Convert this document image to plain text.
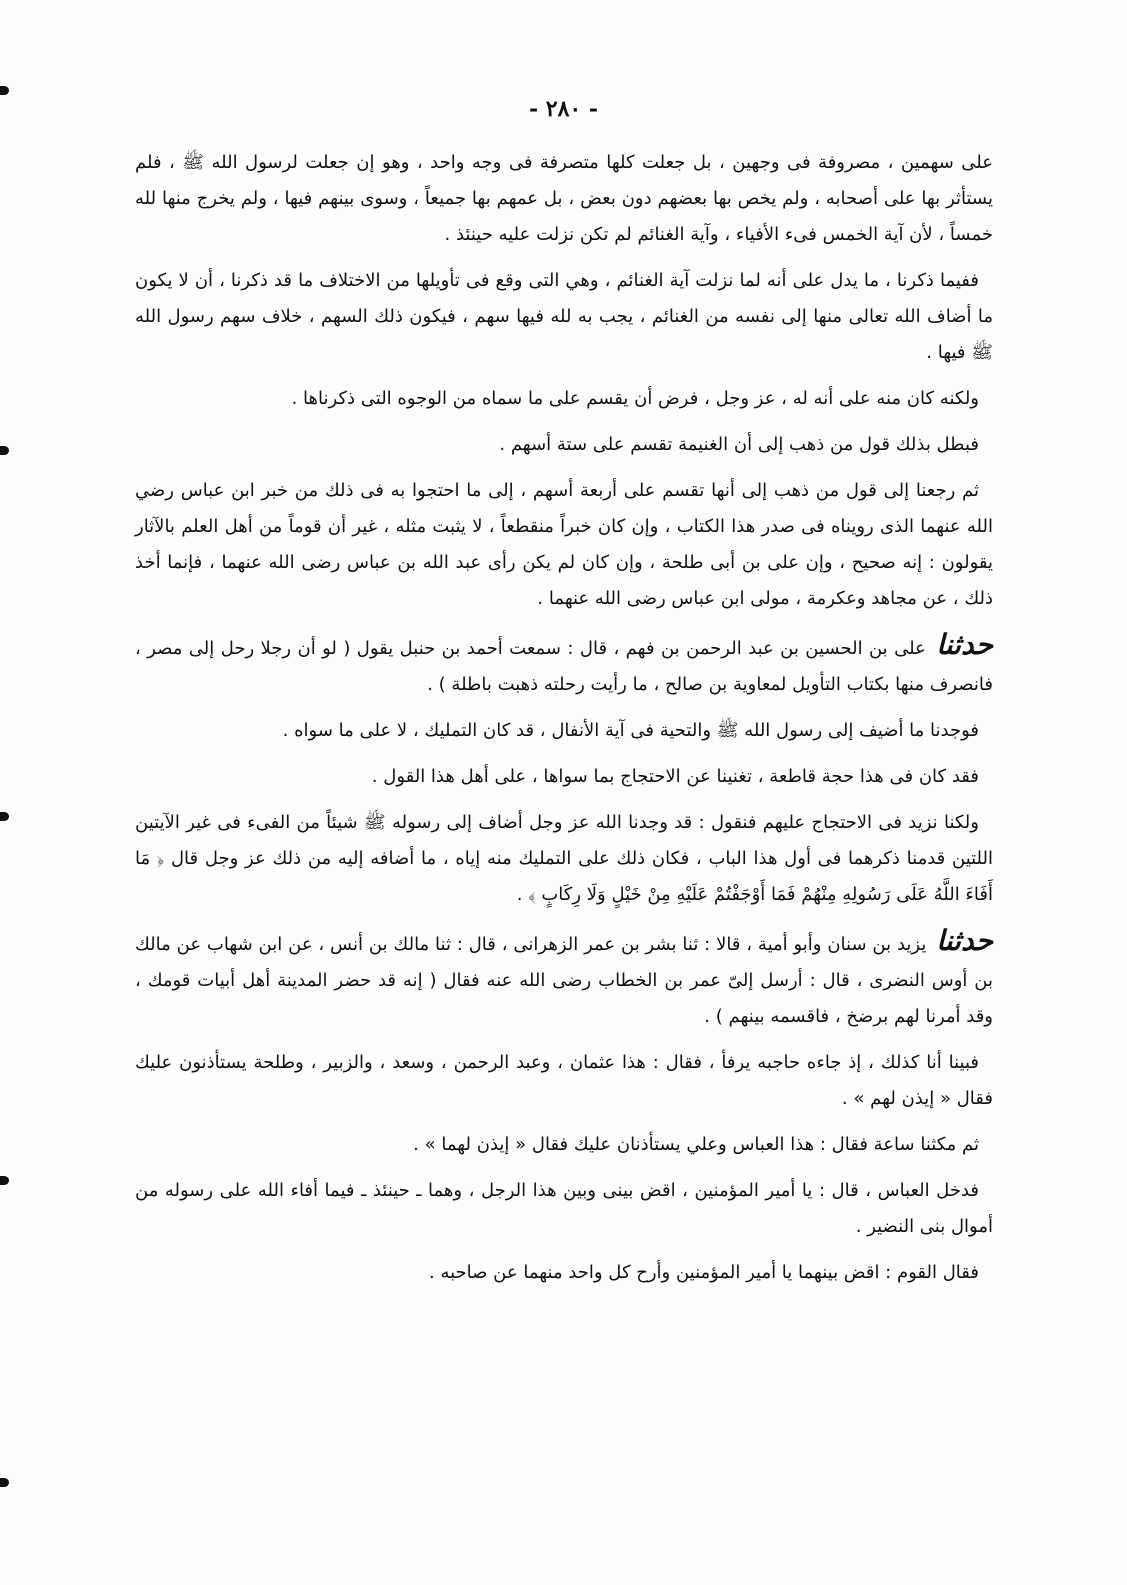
- ٢٨٠ -

على سهمين ، مصروفة فى وجهين ، بل جعلت كلها متصرفة فى وجه واحد ، وهو إن جعلت لرسول الله ﷺ ، فلم يستأثر بها على أصحابه ، ولم يخص بها بعضهم دون بعض ، بل عمهم بها جميعاً ، وسوى بينهم فيها ، ولم يخرج منها لله خمساً ، لأن آية الخمس فىء الأفياء ، وآية الغنائم لم تكن نزلت عليه حينئذ .

ففيما ذكرنا ، ما يدل على أنه لما نزلت آية الغنائم ، وهي التى وقع فى تأويلها من الاختلاف ما قد ذكرنا ، أن لا يكون ما أضاف الله تعالى منها إلى نفسه من الغنائم ، يجب به لله فيها سهم ، فيكون ذلك السهم ، خلاف سهم رسول الله ﷺ فيها .

ولكنه كان منه على أنه له ، عز وجل ، فرض أن يقسم على ما سماه من الوجوه التى ذكرناها .

فبطل بذلك قول من ذهب إلى أن الغنيمة تقسم على ستة أسهم .

ثم رجعنا إلى قول من ذهب إلى أنها تقسم على أربعة أسهم ، إلى ما احتجوا به فى ذلك من خبر ابن عباس رضي الله عنهما الذى رويناه فى صدر هذا الكتاب ، وإن كان خبراً منقطعاً ، لا يثبت مثله ، غير أن قوماً من أهل العلم بالآثار يقولون : إنه صحيح ، وإن على بن أبى طلحة ، وإن كان لم يكن رأى عبد الله بن عباس رضى الله عنهما ، فإنما أخذ ذلك ، عن مجاهد وعكرمة ، مولى ابن عباس رضى الله عنهما .

حدثنا على بن الحسين بن عبد الرحمن بن فهم ، قال : سمعت أحمد بن حنبل يقول ( لو أن رجلا رحل إلى مصر ، فانصرف منها بكتاب التأويل لمعاوية بن صالح ، ما رأيت رحلته ذهبت باطلة ) .

فوجدنا ما أضيف إلى رسول الله ﷺ والتحية فى آية الأنفال ، قد كان التمليك ، لا على ما سواه .

فقد كان فى هذا حجة قاطعة ، تغنينا عن الاحتجاج بما سواها ، على أهل هذا القول .

ولكنا نزيد فى الاحتجاج عليهم فنقول : قد وجدنا الله عز وجل أضاف إلى رسوله ﷺ شيئاً من الفىء فى غير الآيتين اللتين قدمنا ذكرهما فى أول هذا الباب ، فكان ذلك على التمليك منه إياه ، ما أضافه إليه من ذلك عز وجل قال ﴿ مَا أَفَاءَ اللَّهُ عَلَى رَسُولِهِ مِنْهُمْ فَمَا أَوْجَفْتُمْ عَلَيْهِ مِنْ خَيْلٍ وَلَا رِكَابٍ ﴾ .

حدثنا يزيد بن سنان وأبو أمية ، قالا : ثنا بشر بن عمر الزهرانى ، قال : ثنا مالك بن أنس ، عن ابن شهاب عن مالك بن أوس النضرى ، قال : أرسل إلىّ عمر بن الخطاب رضى الله عنه فقال ( إنه قد حضر المدينة أهل أبيات قومك ، وقد أمرنا لهم برضخ ، فاقسمه بينهم ) .

فبينا أنا كذلك ، إذ جاءه حاجبه يرفأ ، فقال : هذا عثمان ، وعبد الرحمن ، وسعد ، والزبير ، وطلحة يستأذنون عليك فقال « إيذن لهم » .

ثم مكثنا ساعة فقال : هذا العباس وعلي يستأذنان عليك فقال « إيذن لهما » .

فدخل العباس ، قال : يا أمير المؤمنين ، اقض بينى وبين هذا الرجل ، وهما ـ حينئذ ـ فيما أفاء الله على رسوله من أموال بنى النضير .

فقال القوم : اقض بينهما يا أمير المؤمنين وأرح كل واحد منهما عن صاحبه .
